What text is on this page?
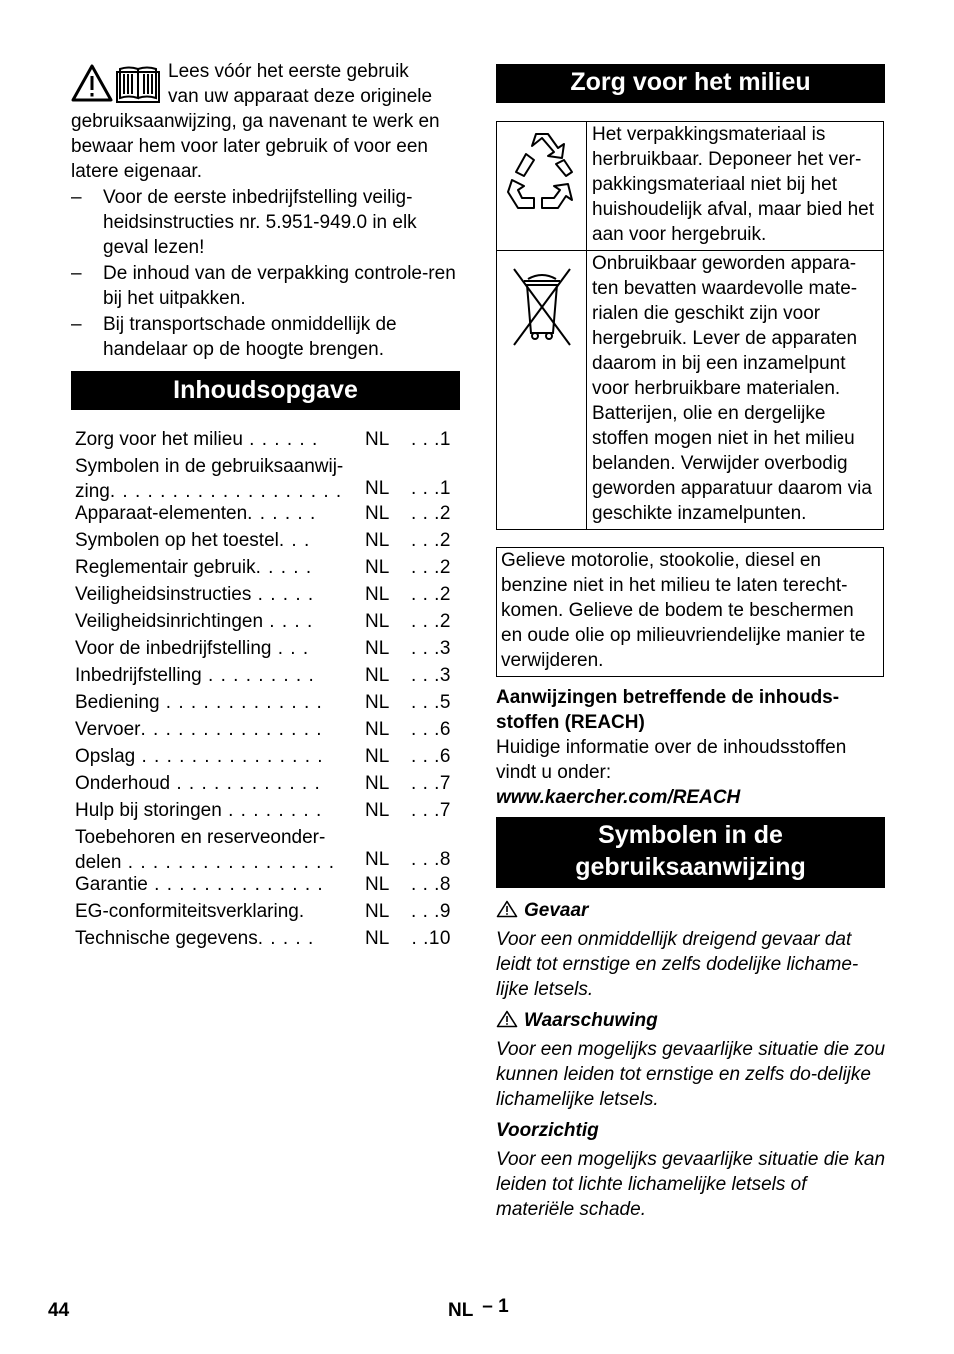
Lees vóór het eerste gebruik

van uw apparaat deze originele

gebruiksaanwijzing, ga navenant te werk en bewaar hem voor later gebruik of voor een latere eigenaar.

– Voor de eerste inbedrijfstelling veilig-heidsinstructies nr. 5.951-949.0 in elk geval lezen!
– De inhoud van de verpakking controle-ren bij het uitpakken.
– Bij transportschade onmiddellijk de handelaar op de hoogte brengen.
Inhoudsopgave
Zorg voor het milieu . . . . . .	NL	. . .1
Symbolen in de gebruiksaanwij-
zing. . . . . . . . . . . . . . . . . . .	NL	. . .1
Apparaat-elementen. . . . . .	NL	. . .2
Symbolen op het toestel. . .	NL	. . .2
Reglementair gebruik. . . . .	NL	. . .2
Veiligheidsinstructies . . . . .	NL	. . .2
Veiligheidsinrichtingen . . . .	NL	. . .2
Voor de inbedrijfstelling . . .	NL	. . .3
Inbedrijfstelling . . . . . . . . .	NL	. . .3
Bediening . . . . . . . . . . . . .	NL	. . .5
Vervoer. . . . . . . . . . . . . . .	NL	. . .6
Opslag . . . . . . . . . . . . . . .	NL	. . .6
Onderhoud . . . . . . . . . . . .	NL	. . .7
Hulp bij storingen . . . . . . . .	NL	. . .7
Toebehoren en reserveonder-
delen . . . . . . . . . . . . . . . . .	NL	. . .8
Garantie . . . . . . . . . . . . . .	NL	. . .8
EG-conformiteitsverklaring.	NL	. . .9
Technische gegevens. . . . .	NL	. .10
Zorg voor het milieu
	Het verpakkingsmateriaal is herbruikbaar. Deponeer het ver-pakkingsmateriaal niet bij het huishoudelijk afval, maar bied het aan voor hergebruik.
	Onbruikbaar geworden appara-ten bevatten waardevolle mate-rialen die geschikt zijn voor hergebruik. Lever de apparaten daarom in bij een inzamelpunt voor herbruikbare materialen. Batterijen, olie en dergelijke stoffen mogen niet in het milieu belanden. Verwijder overbodig geworden apparatuur daarom via geschikte inzamelpunten.
Gelieve motorolie, stookolie, diesel en benzine niet in het milieu te laten terecht-komen. Gelieve de bodem te beschermen en oude olie op milieuvriendelijke manier te verwijderen.

Aanwijzingen betreffende de inhouds-stoffen (REACH)

Huidige informatie over de inhoudsstoffen vindt u onder:

www.kaercher.com/REACH

Symbolen in de
gebruiksaanwijzing

Gevaar

Voor een onmiddellijk dreigend gevaar dat leidt tot ernstige en zelfs dodelijke lichame-lijke letsels.

Waarschuwing

Voor een mogelijks gevaarlijke situatie die zou kunnen leiden tot ernstige en zelfs do-delijke lichamelijke letsels.

Voorzichtig

Voor een mogelijks gevaarlijke situatie die kan leiden tot lichte lichamelijke letsels of materiële schade.

44	NL – 1
